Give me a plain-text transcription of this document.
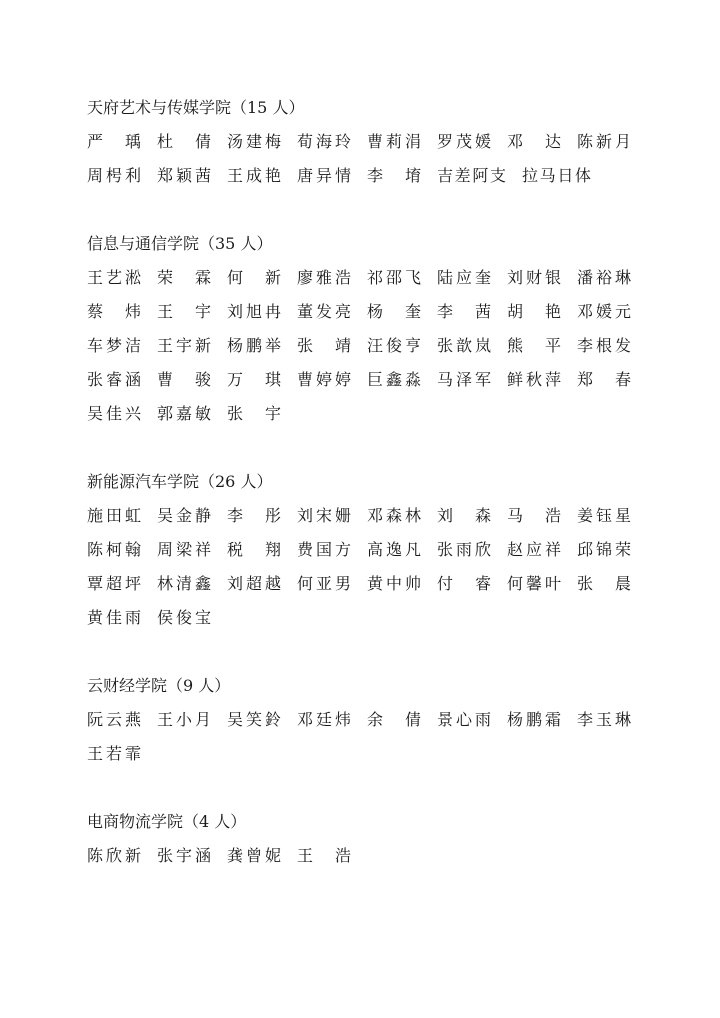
天府艺术与传媒学院（15 人）
严 瑀	杜 倩	汤建梅	荀海玲	曹莉涓	罗茂媛	邓 达	陈新月
周枵利	郑颖茜	王成艳	唐异情	李 堉	吉差阿支	拉马日体
信息与通信学院（35 人）
王艺淞	荣 霖	何 新	廖雅浩	祁邵飞	陆应奎	刘财银	潘裕琳
蔡 炜	王 宇	刘旭冉	董发亮	杨 奎	李 茜	胡 艳	邓媛元
车梦洁	王宇新	杨鹏举	张 靖	汪俊亨	张歆岚	熊 平	李根发
张睿涵	曹 骏	万 琪	曹婷婷	巨鑫淼	马泽军	鲜秋萍	郑 春
吴佳兴	郭嘉敏	张 宇
新能源汽车学院（26 人）
施田虹	吴金静	李 彤	刘宋姗	邓森林	刘 森	马 浩	姜钰星
陈柯翰	周梁祥	税 翔	费国方	高逸凡	张雨欣	赵应祥	邱锦荣
覃超坪	林清鑫	刘超越	何亚男	黄中帅	付 睿	何馨叶	张 晨
黄佳雨	侯俊宝
云财经学院（9 人）
阮云燕	王小月	吴笑鈴	邓廷炜	余 倩	景心雨	杨鹏霜	李玉琳
王若霏
电商物流学院（4 人）
陈欣新	张宇涵	龚曾妮	王 浩
